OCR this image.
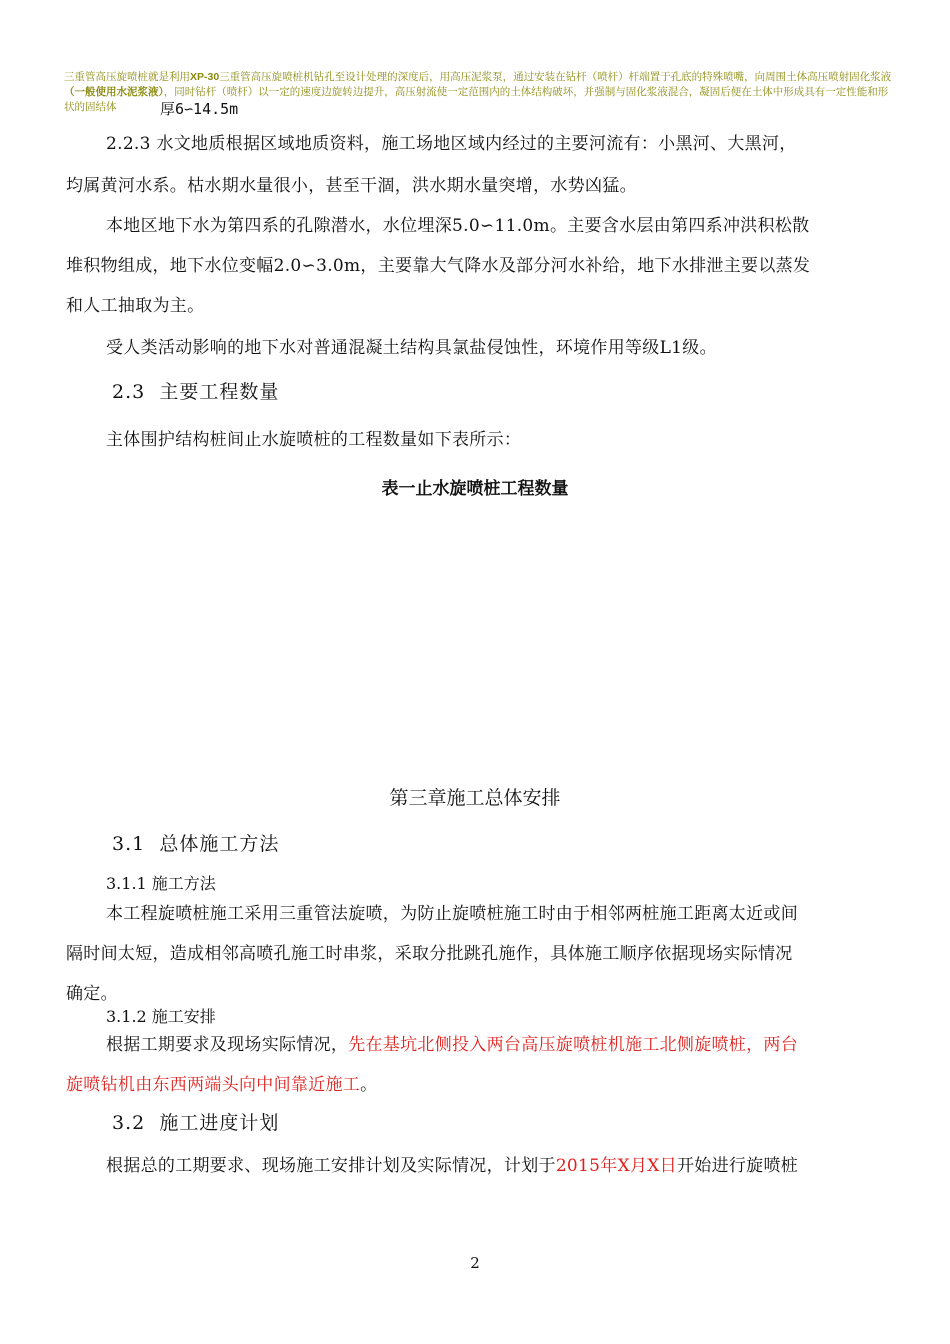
三重管高压旋喷桩就是利用XP-30三重管高压旋喷桩机钻孔至设计处理的深度后，用高压泥浆泵，通过安装在钻杆（喷杆）杆端置于孔底的特殊喷嘴，向周围土体高压喷射固化浆液（一般使用水泥浆液），同时钻杆（喷杆）以一定的速度边旋转边提升，高压射流使一定范围内的土体结构破坏，并强制与固化浆液混合，凝固后便在土体中形成具有一定性能和形状的固结体	厚6∽14.5m
2.2.3 水文地质根据区域地质资料，施工场地区域内经过的主要河流有：小黑河、大黑河，
均属黄河水系。枯水期水量很小，甚至干涸，洪水期水量突增，水势凶猛。
本地区地下水为第四系的孔隙潜水，水位埋深5.0∽11.0m。主要含水层由第四系冲洪积松散
堆积物组成，地下水位变幅2.0∽3.0m，主要靠大气降水及部分河水补给，地下水排泄主要以蒸发
和人工抽取为主。
受人类活动影响的地下水对普通混凝土结构具氯盐侵蚀性，环境作用等级L1级。
2.3 主要工程数量
主体围护结构桩间止水旋喷桩的工程数量如下表所示：
表一止水旋喷桩工程数量
第三章施工总体安排
3.1 总体施工方法
3.1.1 施工方法
本工程旋喷桩施工采用三重管法旋喷，为防止旋喷桩施工时由于相邻两桩施工距离太近或间
隔时间太短，造成相邻高喷孔施工时串浆，采取分批跳孔施作，具体施工顺序依据现场实际情况
确定。
3.1.2 施工安排
根据工期要求及现场实际情况，先在基坑北侧投入两台高压旋喷桩机施工北侧旋喷桩，两台
旋喷钻机由东西两端头向中间靠近施工。
3.2 施工进度计划
根据总的工期要求、现场施工安排计划及实际情况，计划于2015年X月X日开始进行旋喷桩
2
